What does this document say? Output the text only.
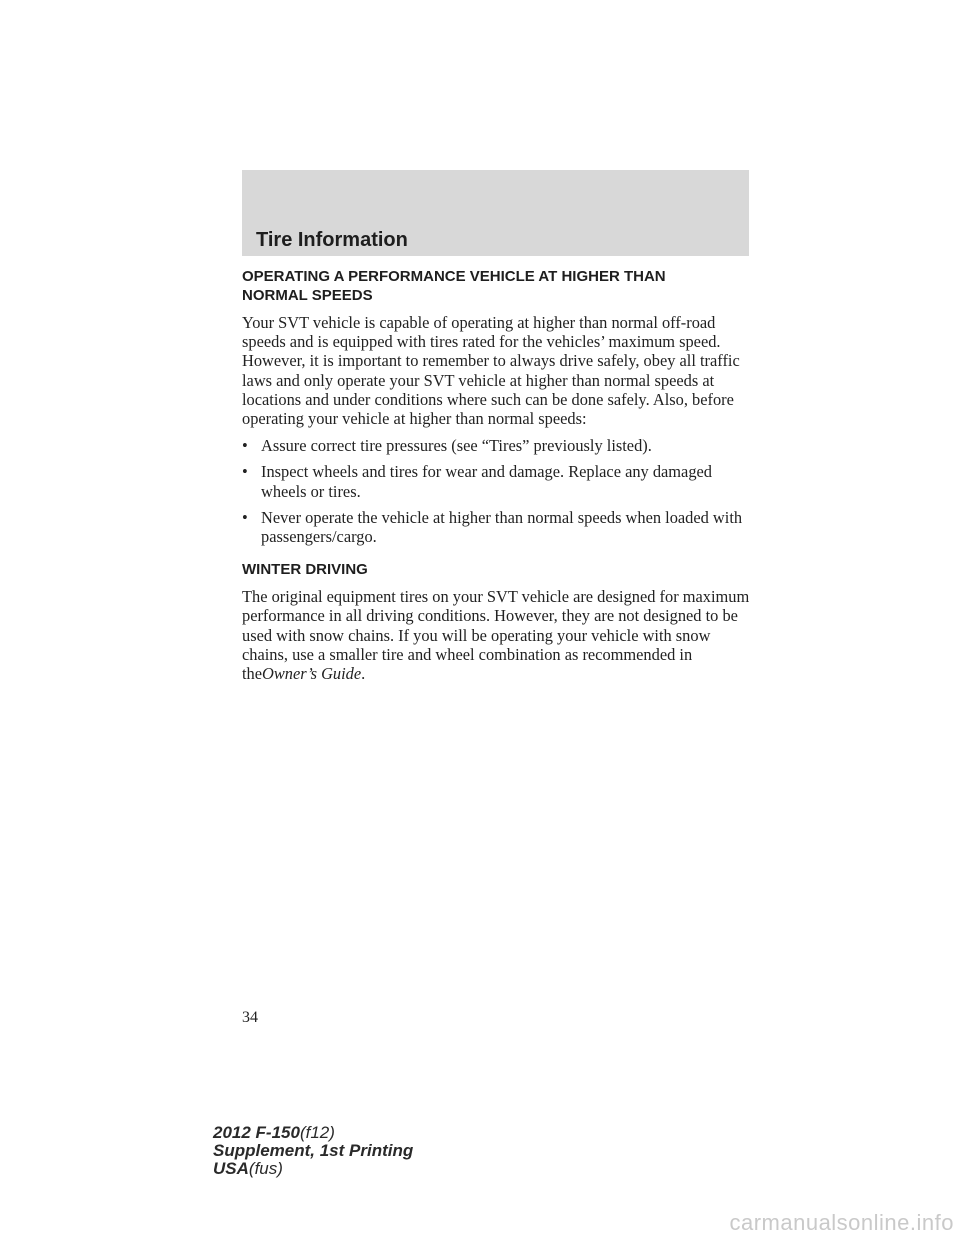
Tire Information
OPERATING A PERFORMANCE VEHICLE AT HIGHER THAN
NORMAL SPEEDS

Your SVT vehicle is capable of operating at higher than normal off-road speeds and is equipped with tires rated for the vehicles’ maximum speed. However, it is important to remember to always drive safely, obey all traffic laws and only operate your SVT vehicle at higher than normal speeds at locations and under conditions where such can be done safely. Also, before operating your vehicle at higher than normal speeds:

• Assure correct tire pressures (see “Tires” previously listed).
• Inspect wheels and tires for wear and damage. Replace any damaged wheels or tires.
• Never operate the vehicle at higher than normal speeds when loaded with passengers/cargo.
WINTER DRIVING

The original equipment tires on your SVT vehicle are designed for maximum performance in all driving conditions. However, they are not designed to be used with snow chains. If you will be operating your vehicle with snow chains, use a smaller tire and wheel combination as recommended in theOwner’s Guide.

34
2012 F-150(f12)
Supplement, 1st Printing
USA(fus)
carmanualsonline.info
